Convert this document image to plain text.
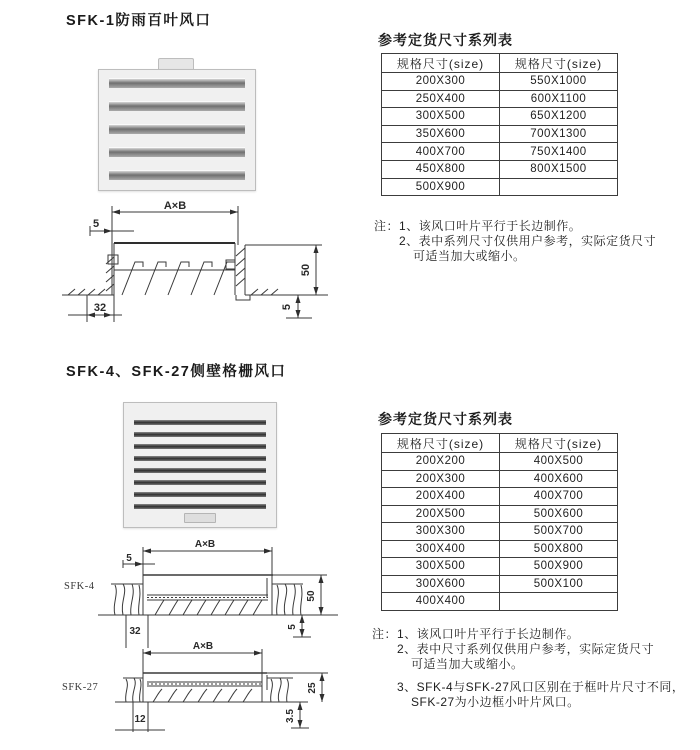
SFK-1防雨百叶风口
参考定货尺寸系列表
规格尺寸(size)	规格尺寸(size)
200X300	550X1000
250X400	600X1100
300X500	650X1200
350X600	700X1300
400X700	750X1400
450X800	800X1500
500X900	
注： 1、该风口叶片平行于长边制作。
2、表中系列尺寸仅供用户参考，实际定货尺寸
可适当加大或缩小。
A×B
5
50
5
32
SFK-4、SFK-27侧壁格栅风口
参考定货尺寸系列表
规格尺寸(size)	规格尺寸(size)
200X200	400X500
200X300	400X600
200X400	400X700
200X500	500X600
300X300	500X700
300X400	500X800
300X500	500X900
300X600	500X100
400X400	
注： 1、该风口叶片平行于长边制作。
2、表中尺寸系列仅供用户参考，实际定货尺寸
可适当加大或缩小。
3、SFK-4与SFK-27风口区别在于框叶片尺寸不同，
SFK-27为小边框小叶片风口。
SFK-4
A×B
5
50
5
32
SFK-27
A×B
25
3.5
12
